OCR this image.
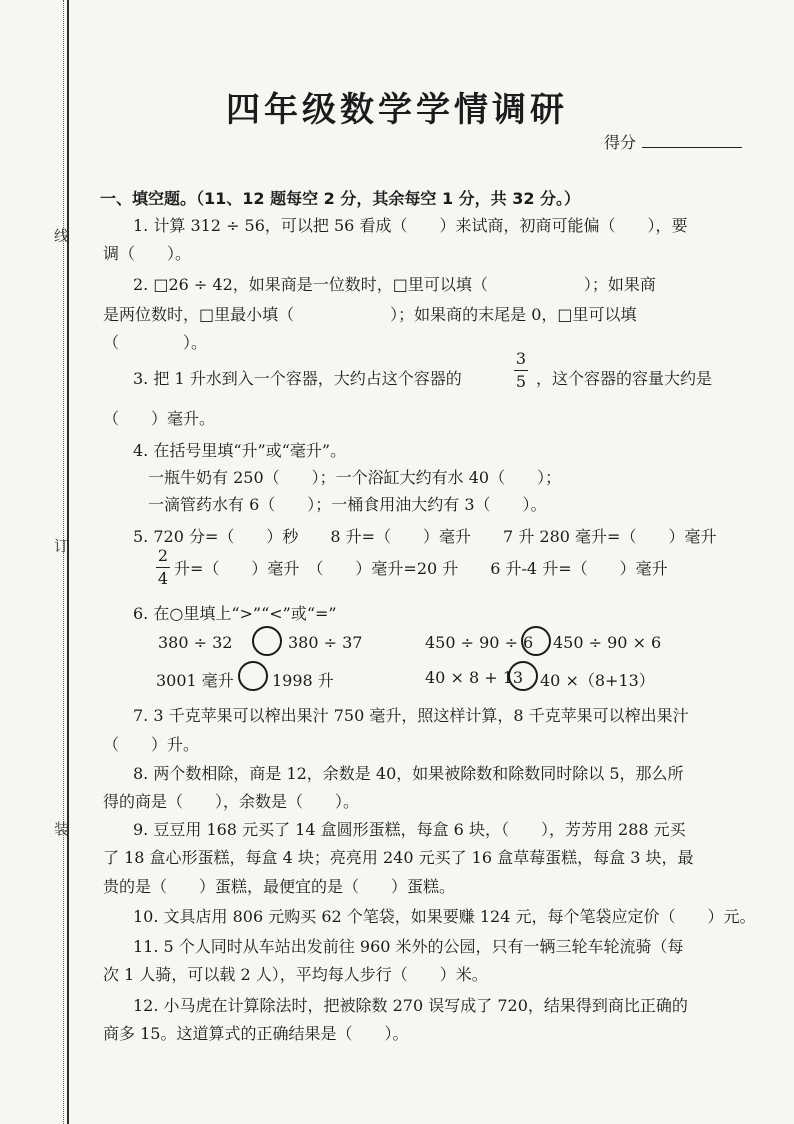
线
订
装
四年级数学学情调研
得分
一、填空题。（11、12 题每空 2 分，其余每空 1 分，共 32 分。）
1. 计算 312 ÷ 56，可以把 56 看成（　　）来试商，初商可能偏（　　），要
调（　　）。
2. □26 ÷ 42，如果商是一位数时，□里可以填（　　　　　　）；如果商
是两位数时，□里最小填（　　　　　　）；如果商的末尾是 0，□里可以填
（　　　　）。
3. 把 1 升水到入一个容器，大约占这个容器的
3
5 ，这个容器的容量大约是
（　　）毫升。
4. 在括号里填“升”或“毫升”。
一瓶牛奶有 250（　　）；一个浴缸大约有水 40（　　）；
一滴管药水有 6（　　）；一桶食用油大约有 3（　　）。
5. 720 分=（　　）秒　　8 升=（　　）毫升　　7 升 280 毫升=（　　）毫升
2
4
升=（　　）毫升　（　　）毫升=20 升　　6 升-4 升=（　　）毫升
6. 在○里填上“>”“<”或“=”
380 ÷ 32	380 ÷ 37	450 ÷ 90 ÷ 6 450 ÷ 90 × 6
3001 毫升 1998 升	40 × 8 + 13 40 ×（8+13）
7. 3 千克苹果可以榨出果汁 750 毫升，照这样计算，8 千克苹果可以榨出果汁
（　　）升。
8. 两个数相除，商是 12，余数是 40，如果被除数和除数同时除以 5，那么所
得的商是（　　），余数是（　　）。
9. 豆豆用 168 元买了 14 盒圆形蛋糕，每盒 6 块，（　　），芳芳用 288 元买
了 18 盒心形蛋糕，每盒 4 块；亮亮用 240 元买了 16 盒草莓蛋糕，每盒 3 块，最
贵的是（　　）蛋糕，最便宜的是（　　）蛋糕。
10. 文具店用 806 元购买 62 个笔袋，如果要赚 124 元，每个笔袋应定价（　　）元。
11. 5 个人同时从车站出发前往 960 米外的公园，只有一辆三轮车轮流骑（每
次 1 人骑，可以载 2 人），平均每人步行（　　）米。
12. 小马虎在计算除法时，把被除数 270 误写成了 720，结果得到商比正确的
商多 15。这道算式的正确结果是（　　）。
